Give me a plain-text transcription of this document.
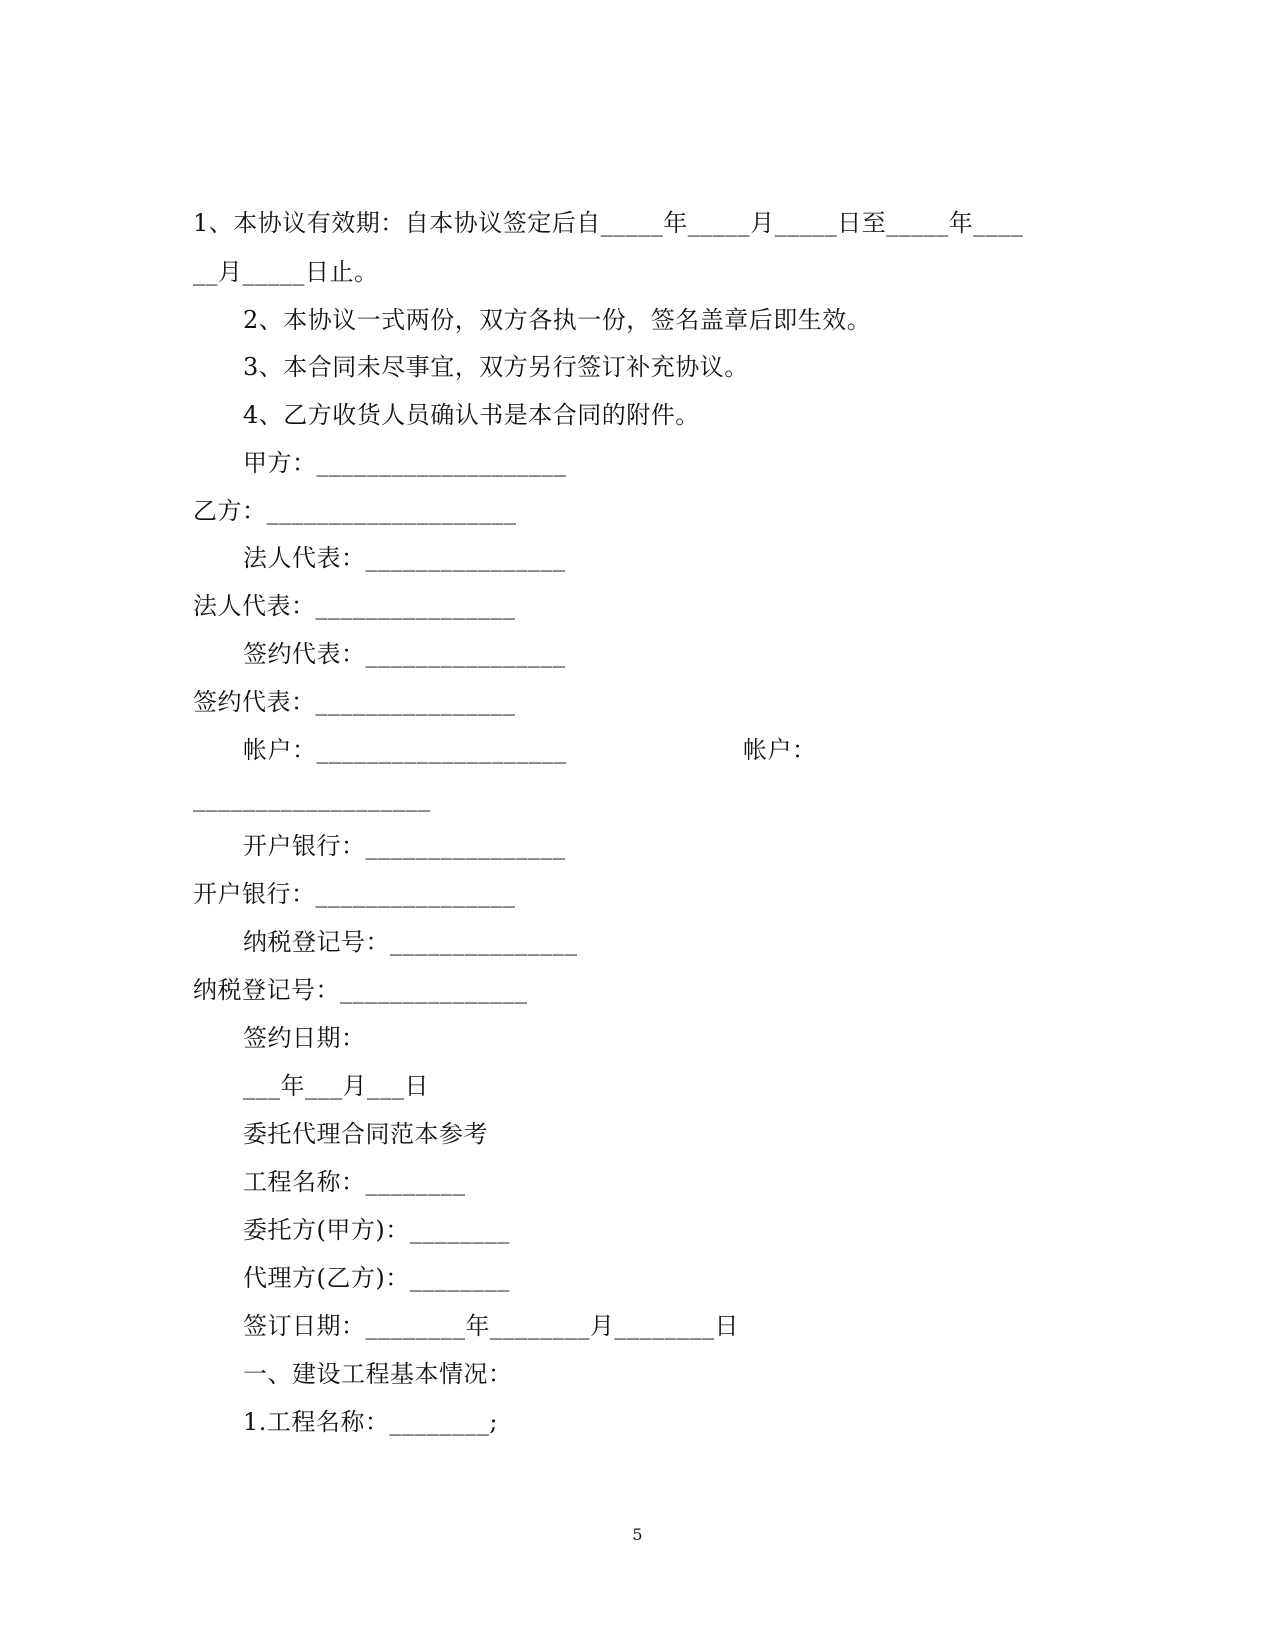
1、本协议有效期：自本协议签定后自_____年_____月_____日至_____年____
__月_____日止。
2、本协议一式两份，双方各执一份，签名盖章后即生效。
3、本合同未尽事宜，双方另行签订补充协议。
4、乙方收货人员确认书是本合同的附件。
甲方：____________________
乙方：____________________
法人代表：________________
法人代表：________________
签约代表：________________
签约代表：________________
帐户：____________________	帐户：
___________________
开户银行：________________
开户银行：________________
纳税登记号：_______________
纳税登记号：_______________
签约日期：
___年___月___日
委托代理合同范本参考
工程名称：________
委托方(甲方)：________
代理方(乙方)：________
签订日期：________年________月________日
一、建设工程基本情况：
1.工程名称：________;
5
